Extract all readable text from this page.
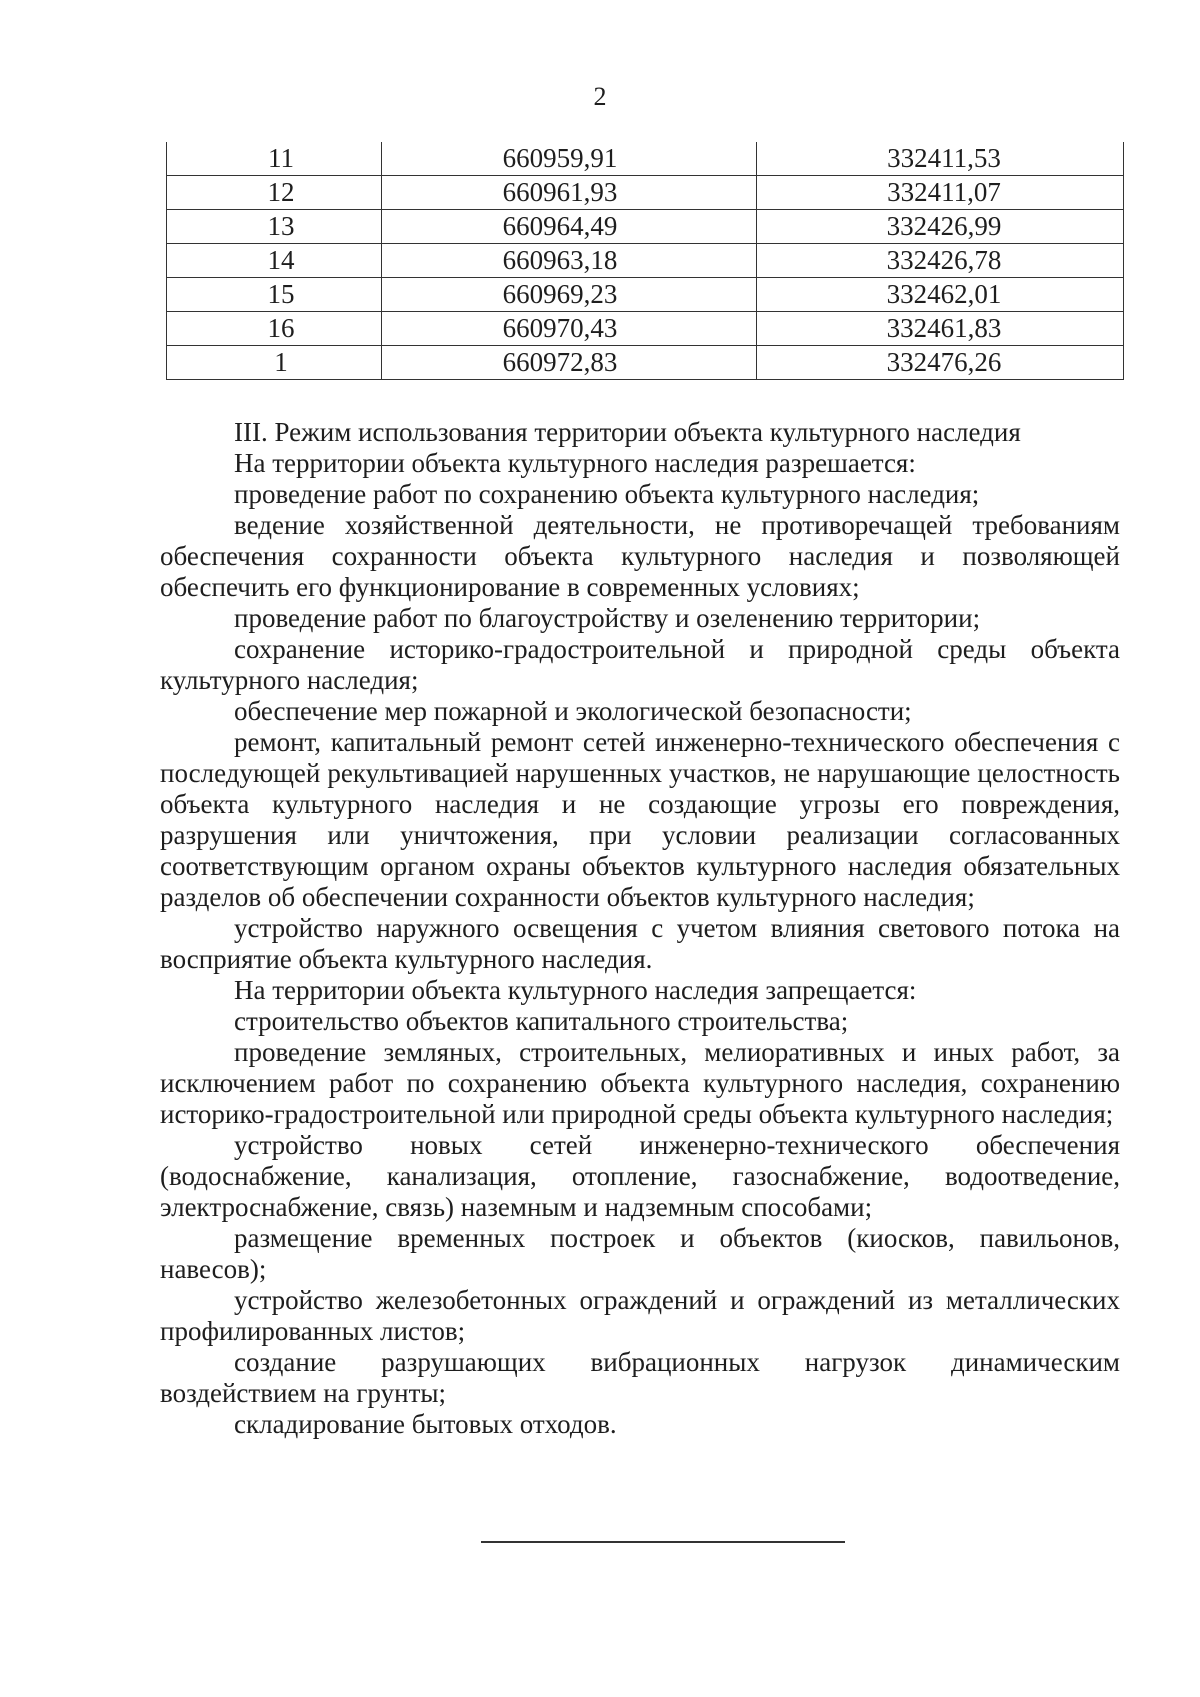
2
11	660959,91	332411,53
12	660961,93	332411,07
13	660964,49	332426,99
14	660963,18	332426,78
15	660969,23	332462,01
16	660970,43	332461,83
1	660972,83	332476,26

III. Режим использования территории объекта культурного наследия

На территории объекта культурного наследия разрешается:

проведение работ по сохранению объекта культурного наследия;

ведение хозяйственной деятельности, не противоречащей требованиям обеспечения сохранности объекта культурного наследия и позволяющей обеспечить его функционирование в современных условиях;

проведение работ по благоустройству и озеленению территории;

сохранение историко-градостроительной и природной среды объекта культурного наследия;

обеспечение мер пожарной и экологической безопасности;

ремонт, капитальный ремонт сетей инженерно-технического обеспечения с последующей рекультивацией нарушенных участков, не нарушающие целостность объекта культурного наследия и не создающие угрозы его повреждения, разрушения или уничтожения, при условии реализации согласованных соответствующим органом охраны объектов культурного наследия обязательных разделов об обеспечении сохранности объектов культурного наследия;

устройство наружного освещения с учетом влияния светового потока на восприятие объекта культурного наследия.

На территории объекта культурного наследия запрещается:

строительство объектов капитального строительства;

проведение земляных, строительных, мелиоративных и иных работ, за исключением работ по сохранению объекта культурного наследия, сохранению историко-градостроительной или природной среды объекта культурного наследия;

устройство новых сетей инженерно-технического обеспечения (водоснабжение, канализация, отопление, газоснабжение, водоотведение, электроснабжение, связь) наземным и надземным способами;

размещение временных построек и объектов (киосков, павильонов, навесов);

устройство железобетонных ограждений и ограждений из металлических профилированных листов;

создание разрушающих вибрационных нагрузок динамическим воздействием на грунты;

складирование бытовых отходов.
